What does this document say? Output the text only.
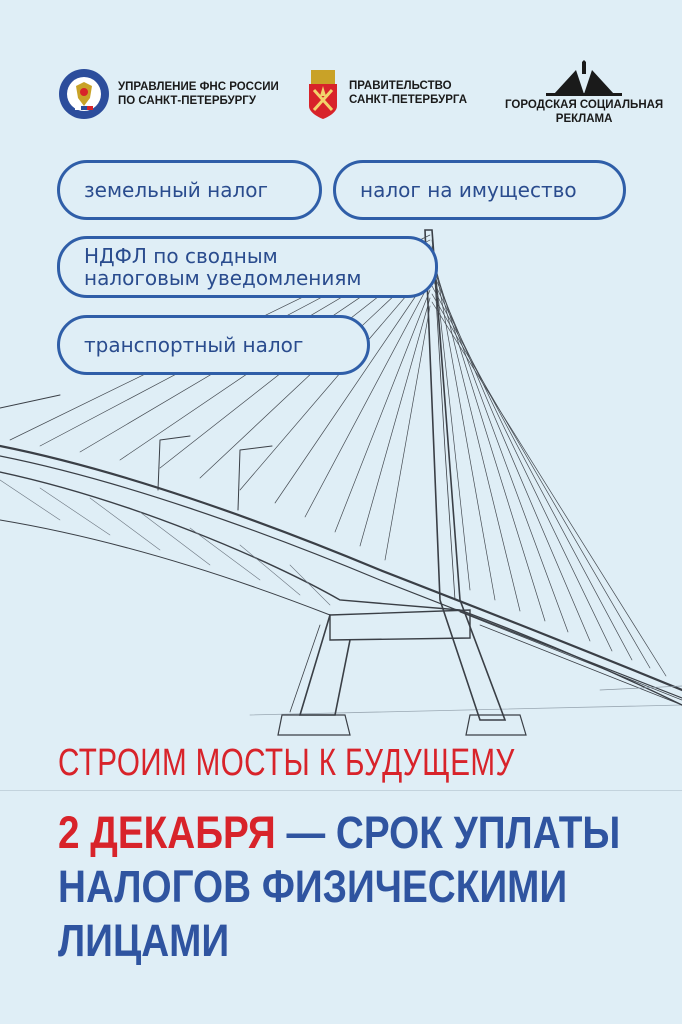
УПРАВЛЕНИЕ ФНС РОССИИ
ПО САНКТ-ПЕТЕРБУРГУ
ПРАВИТЕЛЬСТВО
САНКТ-ПЕТЕРБУРГА	ГОРОДСКАЯ СОЦИАЛЬНАЯ
РЕКЛАМА
земельный налог	налог на имущество
НДФЛ по сводным
налоговым уведомлениям
транспортный налог
СТРОИМ МОСТЫ К БУДУЩЕМУ
2 ДЕКАБРЯ — СРОК УПЛАТЫ
НАЛОГОВ ФИЗИЧЕСКИМИ
ЛИЦАМИ
